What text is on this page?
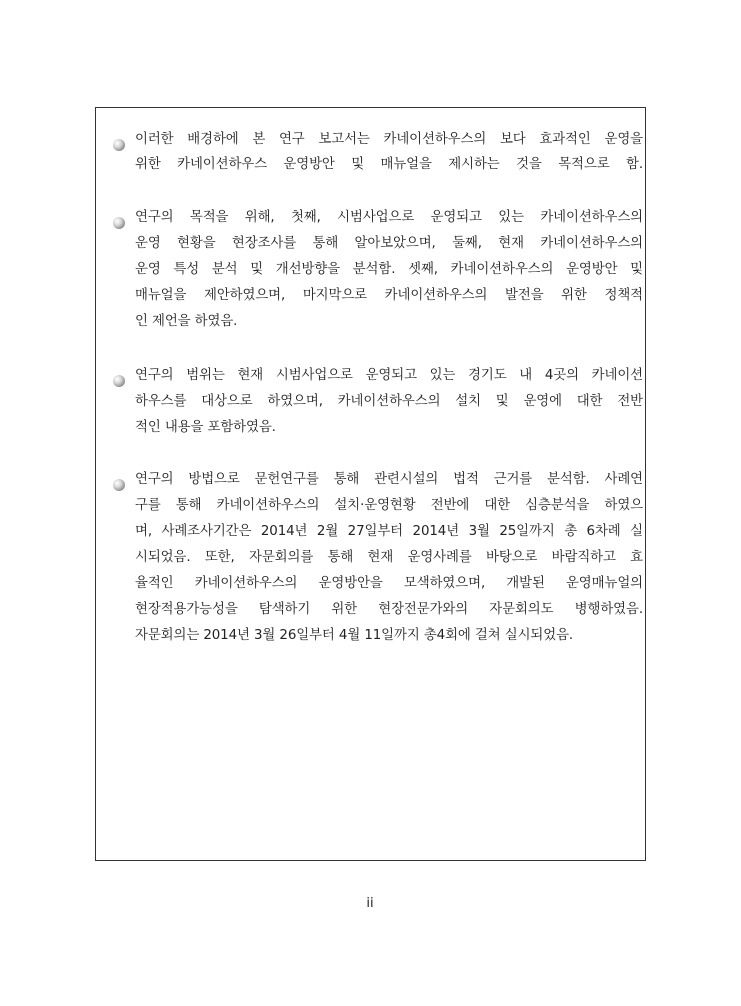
이러한 배경하에 본 연구 보고서는 카네이션하우스의 보다 효과적인 운영을
위한 카네이션하우스 운영방안 및 매뉴얼을 제시하는 것을 목적으로 함.
연구의 목적을 위해, 첫째, 시범사업으로 운영되고 있는 카네이션하우스의
운영 현황을 현장조사를 통해 알아보았으며, 둘째, 현재 카네이션하우스의
운영 특성 분석 및 개선방향을 분석함. 셋째, 카네이션하우스의 운영방안 및
매뉴얼을 제안하였으며, 마지막으로 카네이션하우스의 발전을 위한 정책적
인 제언을 하였음.
연구의 범위는 현재 시범사업으로 운영되고 있는 경기도 내 4곳의 카네이션
하우스를 대상으로 하였으며, 카네이션하우스의 설치 및 운영에 대한 전반
적인 내용을 포함하였음.
연구의 방법으로 문헌연구를 통해 관련시설의 법적 근거를 분석함. 사례연
구를 통해 카네이션하우스의 설치·운영현황 전반에 대한 심층분석을 하였으
며, 사례조사기간은 2014년 2월 27일부터 2014년 3월 25일까지 총 6차례 실
시되었음. 또한, 자문회의를 통해 현재 운영사례를 바탕으로 바람직하고 효
율적인 카네이션하우스의 운영방안을 모색하였으며, 개발된 운영매뉴얼의
현장적용가능성을 탐색하기 위한 현장전문가와의 자문회의도 병행하였음.
자문회의는 2014년 3월 26일부터 4월 11일까지 총4회에 걸쳐 실시되었음.
ii
